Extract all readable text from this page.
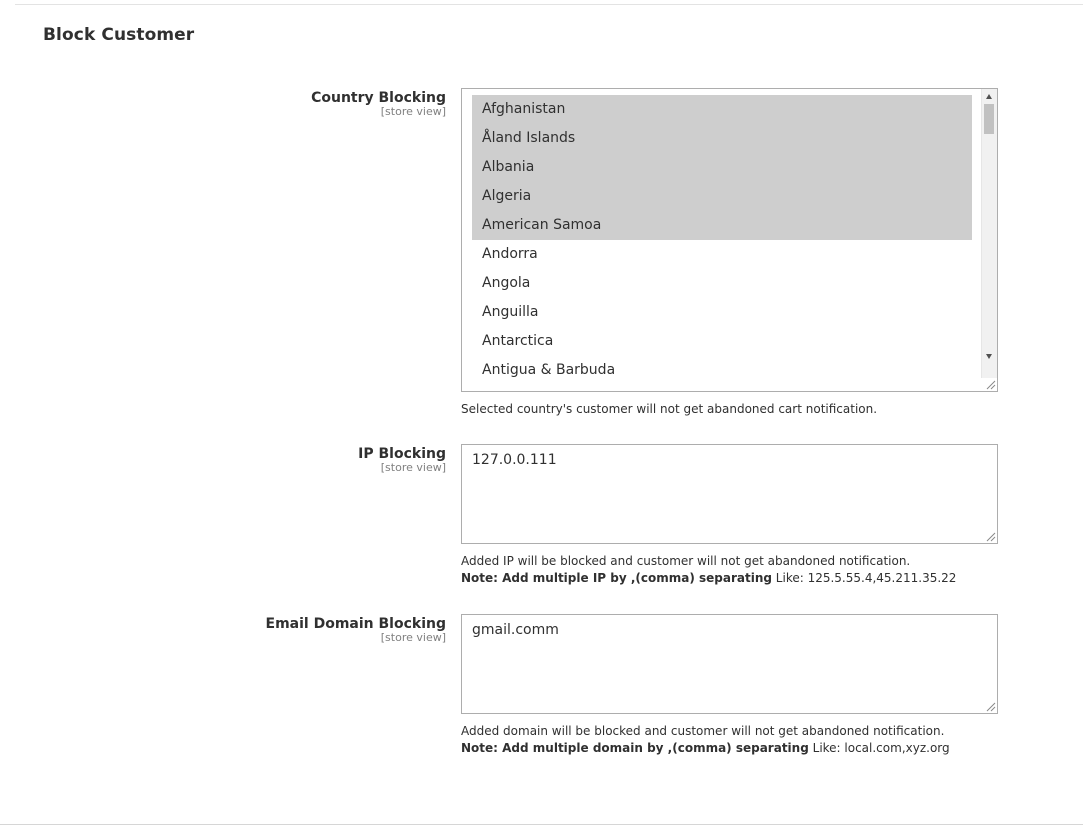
Block Customer
Country Blocking
[store view]	Afghanistan
Åland Islands
Albania
Algeria
American Samoa
Andorra
Angola
Anguilla
Antarctica
Antigua & Barbuda
Selected country's customer will not get abandoned cart notification.
IP Blocking
[store view] 127.0.0.111
Added IP will be blocked and customer will not get abandoned notification.
Note: Add multiple IP by ,(comma) separating Like: 125.5.55.4,45.211.35.22
Email Domain Blocking
[store view] gmail.comm
Added domain will be blocked and customer will not get abandoned notification.
Note: Add multiple domain by ,(comma) separating Like: local.com,xyz.org
